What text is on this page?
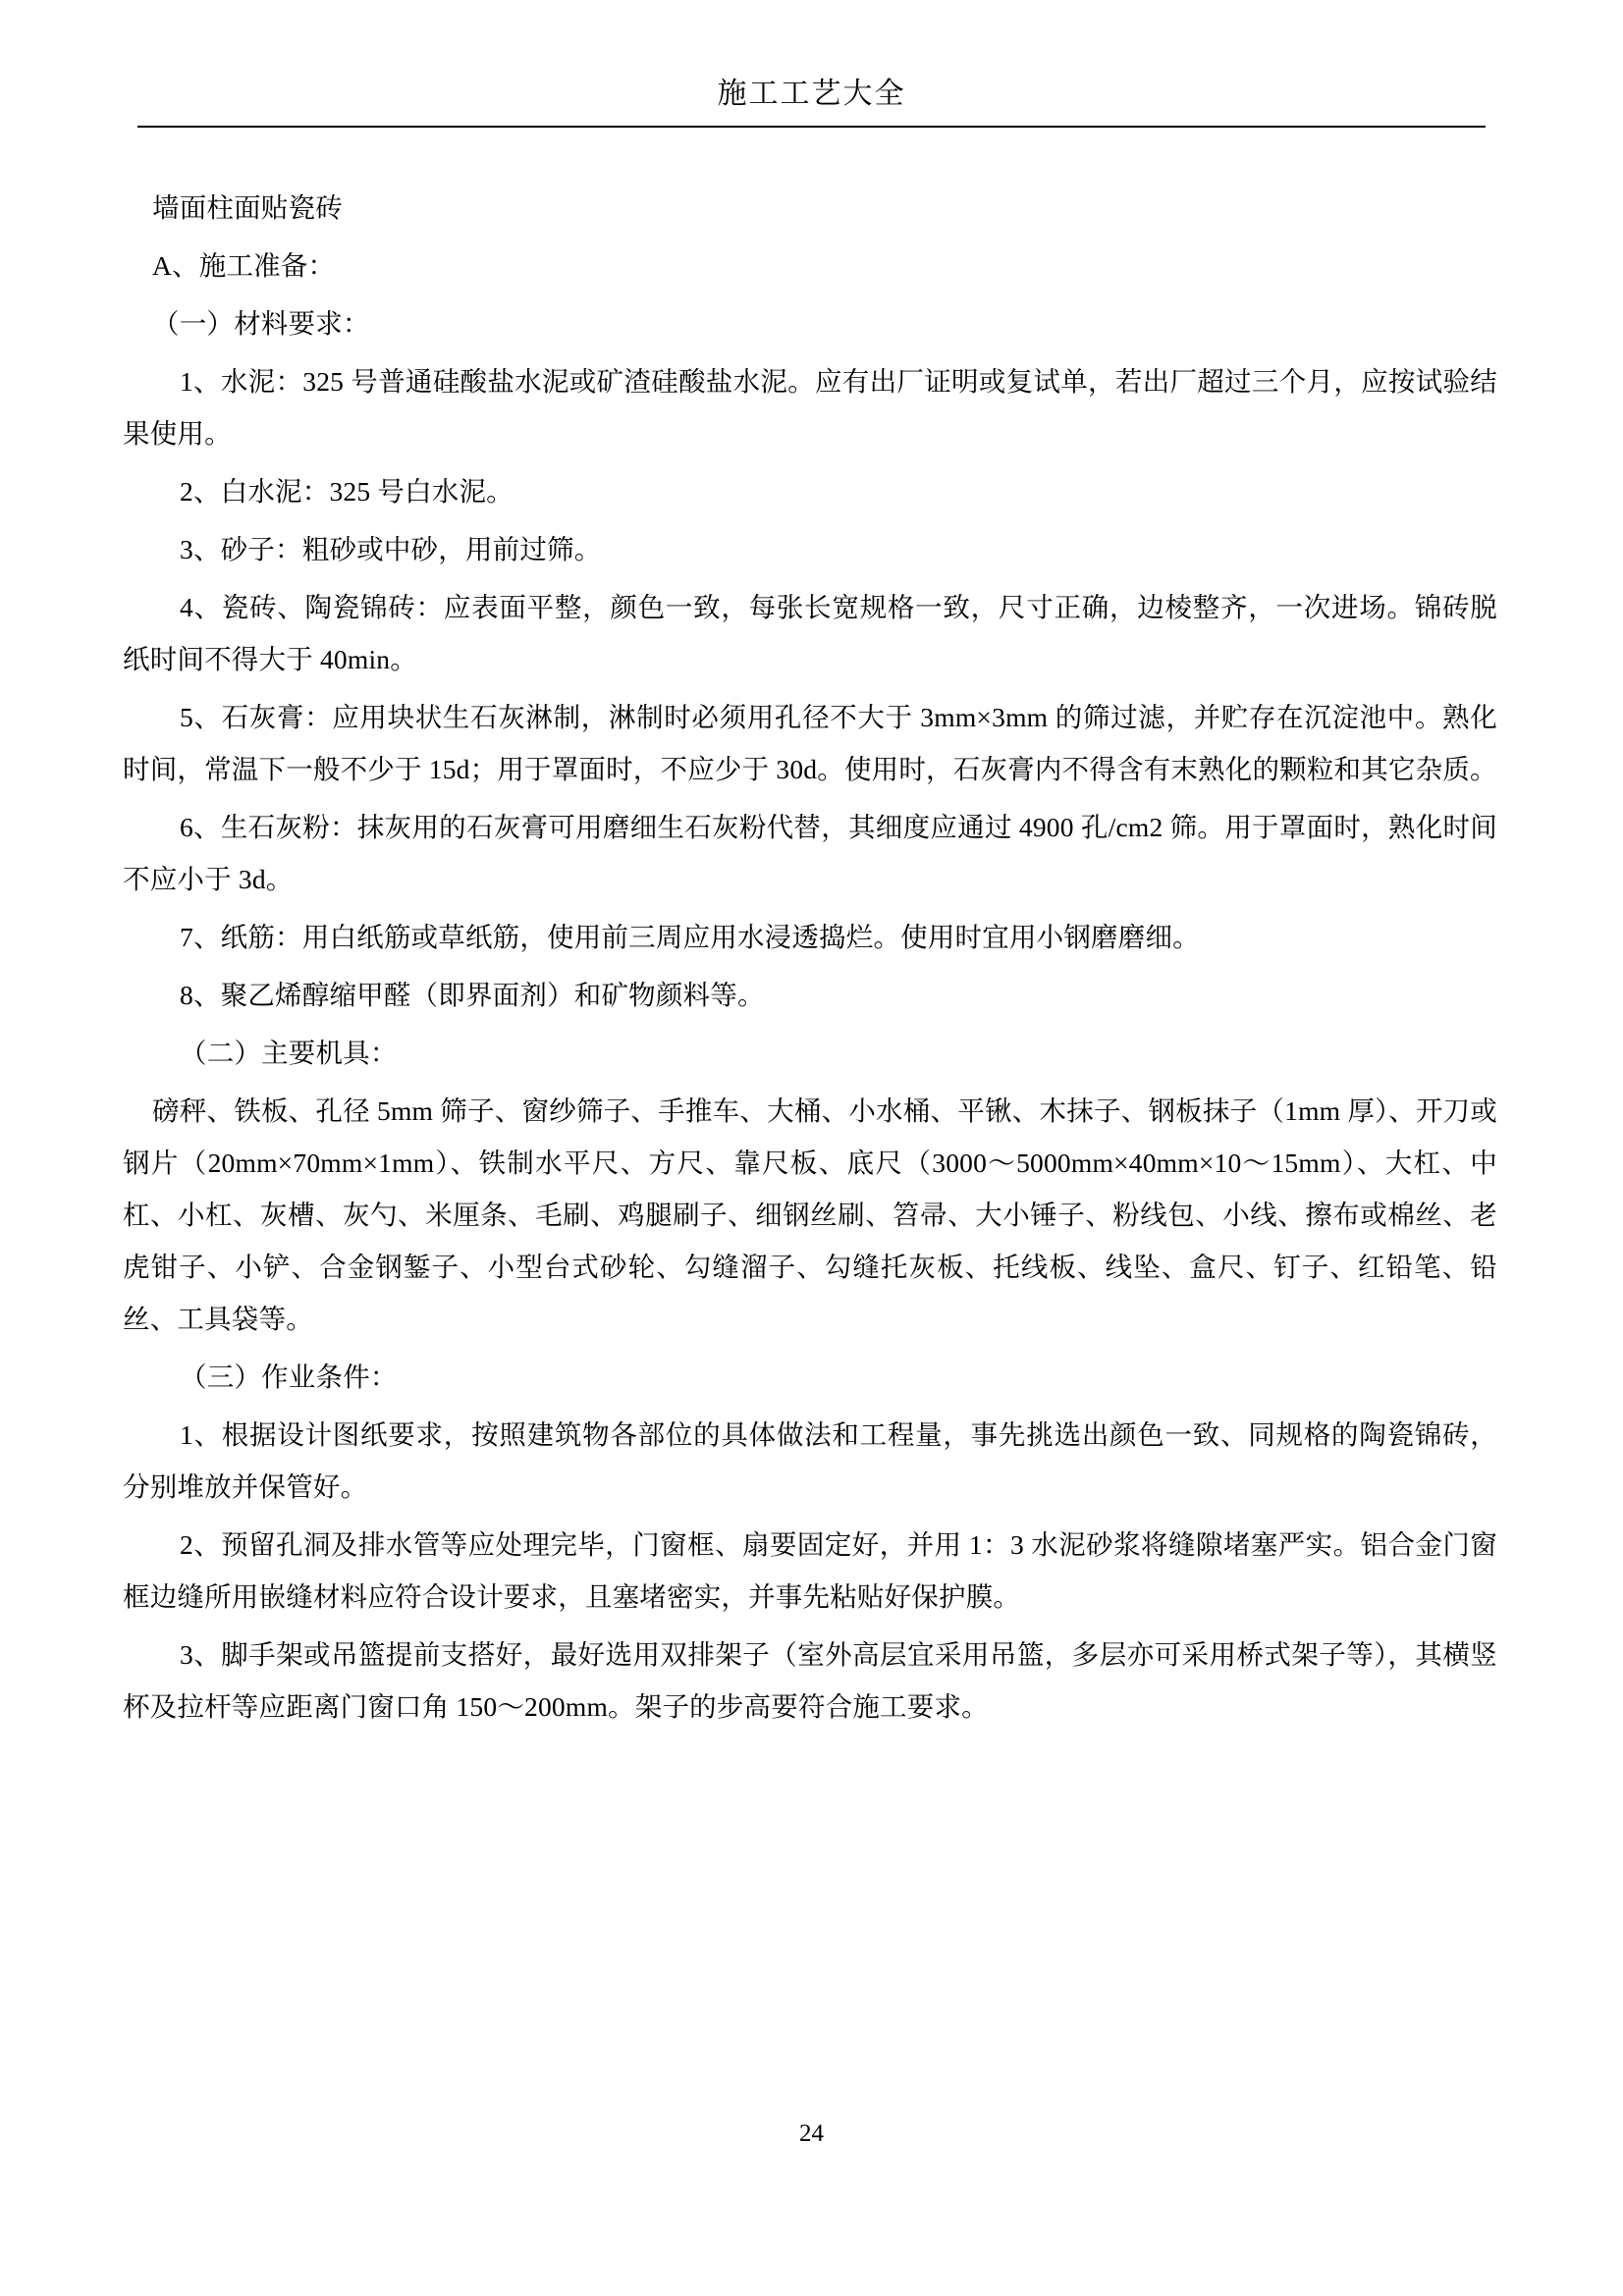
施工工艺大全

墙面柱面贴瓷砖

A、施工准备：

（一）材料要求：

1、水泥：325 号普通硅酸盐水泥或矿渣硅酸盐水泥。应有出厂证明或复试单，若出厂超过三个月，应按试验结果使用。

2、白水泥：325 号白水泥。

3、砂子：粗砂或中砂，用前过筛。

4、瓷砖、陶瓷锦砖：应表面平整，颜色一致，每张长宽规格一致，尺寸正确，边棱整齐，一次进场。锦砖脱纸时间不得大于 40min。

5、石灰膏：应用块状生石灰淋制，淋制时必须用孔径不大于 3mm×3mm 的筛过滤，并贮存在沉淀池中。熟化时间，常温下一般不少于 15d；用于罩面时，不应少于 30d。使用时，石灰膏内不得含有末熟化的颗粒和其它杂质。

6、生石灰粉：抹灰用的石灰膏可用磨细生石灰粉代替，其细度应通过 4900 孔/cm2 筛。用于罩面时，熟化时间不应小于 3d。

7、纸筋：用白纸筋或草纸筋，使用前三周应用水浸透捣烂。使用时宜用小钢磨磨细。

8、聚乙烯醇缩甲醛（即界面剂）和矿物颜料等。

（二）主要机具：

磅秤、铁板、孔径 5mm 筛子、窗纱筛子、手推车、大桶、小水桶、平锹、木抹子、钢板抹子（1mm 厚）、开刀或钢片（20mm×70mm×1mm）、铁制水平尺、方尺、靠尺板、底尺（3000～5000mm×40mm×10～15mm）、大杠、中杠、小杠、灰槽、灰勺、米厘条、毛刷、鸡腿刷子、细钢丝刷、笤帚、大小锤子、粉线包、小线、擦布或棉丝、老虎钳子、小铲、合金钢錾子、小型台式砂轮、勾缝溜子、勾缝托灰板、托线板、线坠、盒尺、钉子、红铅笔、铅丝、工具袋等。

（三）作业条件：

1、根据设计图纸要求，按照建筑物各部位的具体做法和工程量，事先挑选出颜色一致、同规格的陶瓷锦砖，分别堆放并保管好。

2、预留孔洞及排水管等应处理完毕，门窗框、扇要固定好，并用 1：3 水泥砂浆将缝隙堵塞严实。铝合金门窗框边缝所用嵌缝材料应符合设计要求，且塞堵密实，并事先粘贴好保护膜。

3、脚手架或吊篮提前支搭好，最好选用双排架子（室外高层宜采用吊篮，多层亦可采用桥式架子等），其横竖杯及拉杆等应距离门窗口角 150～200mm。架子的步高要符合施工要求。

24
